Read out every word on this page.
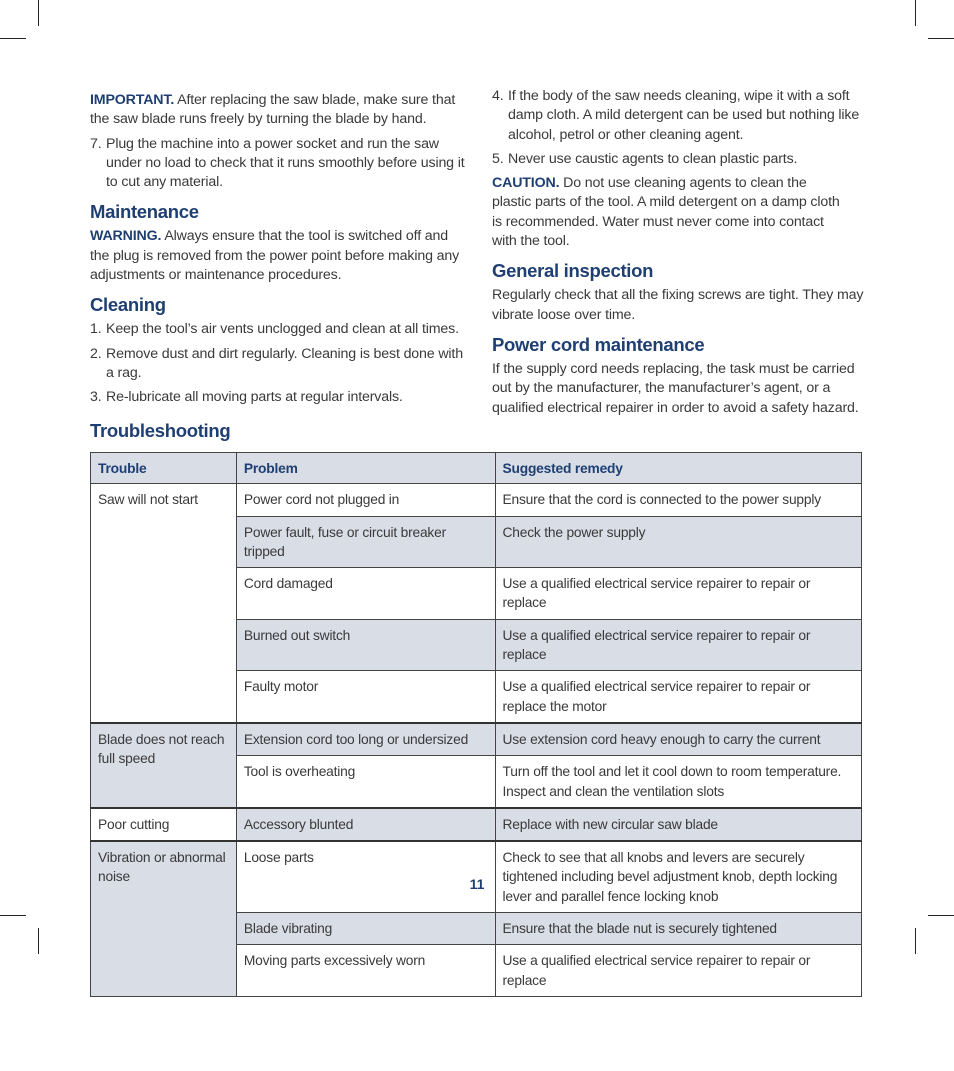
IMPORTANT. After replacing the saw blade, make sure that the saw blade runs freely by turning the blade by hand.

7. Plug the machine into a power socket and run the saw under no load to check that it runs smoothly before using it to cut any material.
Maintenance

WARNING. Always ensure that the tool is switched off and the plug is removed from the power point before making any adjustments or maintenance procedures.

Cleaning
1. Keep the tool’s air vents unclogged and clean at all times.
2. Remove dust and dirt regularly. Cleaning is best done with a rag.
3. Re-lubricate all moving parts at regular intervals.
4. If the body of the saw needs cleaning, wipe it with a soft damp cloth. A mild detergent can be used but nothing like alcohol, petrol or other cleaning agent.
5. Never use caustic agents to clean plastic parts.

CAUTION. Do not use cleaning agents to clean the plastic parts of the tool. A mild detergent on a damp cloth is recommended. Water must never come into contact with the tool.

General inspection

Regularly check that all the fixing screws are tight. They may vibrate loose over time.

Power cord maintenance

If the supply cord needs replacing, the task must be carried out by the manufacturer, the manufacturer’s agent, or a qualified electrical repairer in order to avoid a safety hazard.

Troubleshooting
Trouble	Problem	Suggested remedy
Saw will not start	Power cord not plugged in	Ensure that the cord is connected to the power supply
	Power fault, fuse or circuit breaker tripped	Check the power supply
	Cord damaged	Use a qualified electrical service repairer to repair or replace
	Burned out switch	Use a qualified electrical service repairer to repair or replace
	Faulty motor	Use a qualified electrical service repairer to repair or replace the motor
Blade does not reach full speed	Extension cord too long or undersized	Use extension cord heavy enough to carry the current
	Tool is overheating	Turn off the tool and let it cool down to room temperature. Inspect and clean the ventilation slots
Poor cutting	Accessory blunted	Replace with new circular saw blade
Vibration or abnormal noise	Loose parts	Check to see that all knobs and levers are securely tightened including bevel adjustment knob, depth locking lever and parallel fence locking knob
	Blade vibrating	Ensure that the blade nut is securely tightened
	Moving parts excessively worn	Use a qualified electrical service repairer to repair or replace
11
